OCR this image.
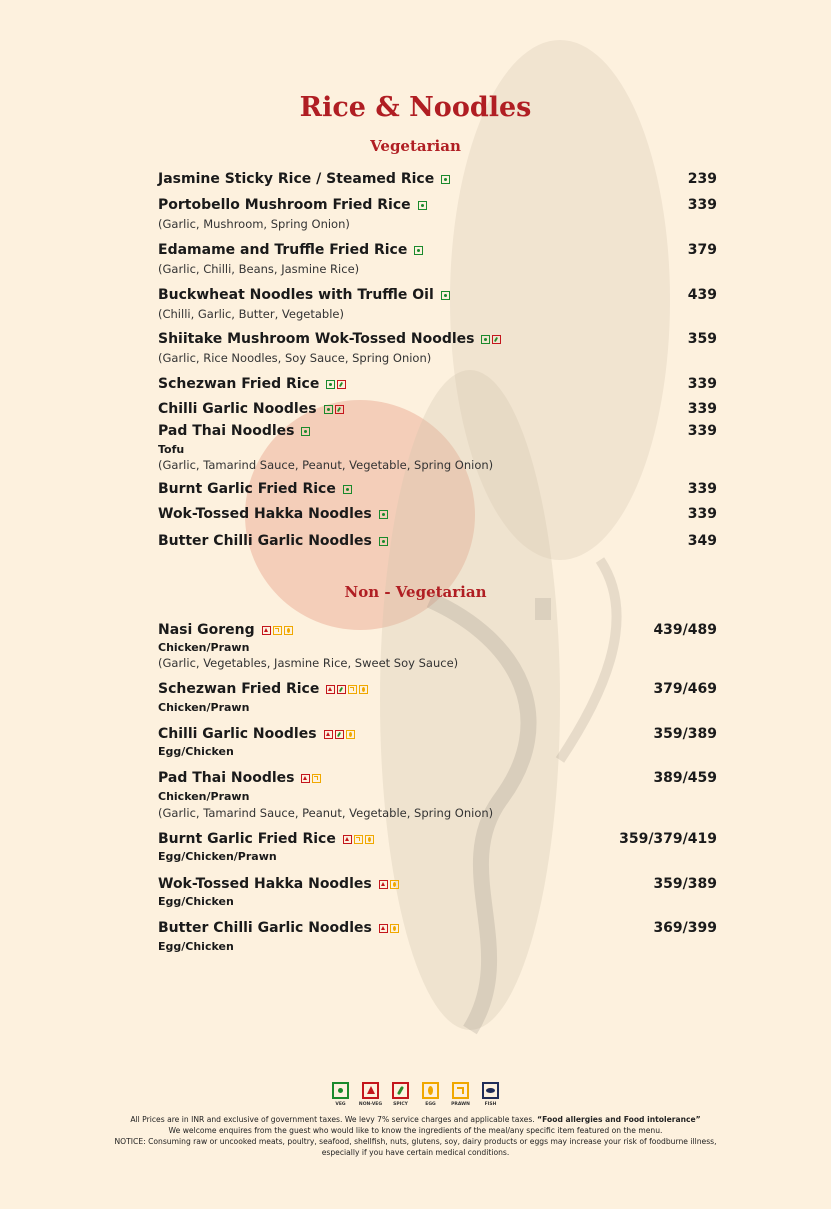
Rice & Noodles
Vegetarian
Jasmine Sticky Rice / Steamed Rice	239
Portobello Mushroom Fried Rice	339
(Garlic, Mushroom, Spring Onion)
Edamame and Truffle Fried Rice	379
(Garlic, Chilli, Beans, Jasmine Rice)
Buckwheat Noodles with Truffle Oil	439
(Chilli, Garlic, Butter, Vegetable)
Shiitake Mushroom Wok-Tossed Noodles	359
(Garlic, Rice Noodles, Soy Sauce, Spring Onion)
Schezwan Fried Rice	339
Chilli Garlic Noodles	339
Pad Thai Noodles	339
Tofu
(Garlic, Tamarind Sauce, Peanut, Vegetable, Spring Onion)
Burnt Garlic Fried Rice	339
Wok-Tossed Hakka Noodles	339
Butter Chilli Garlic Noodles	349
Non - Vegetarian
Nasi Goreng	439/489
Chicken/Prawn
(Garlic, Vegetables, Jasmine Rice, Sweet Soy Sauce)
Schezwan Fried Rice	379/469
Chicken/Prawn
Chilli Garlic Noodles	359/389
Egg/Chicken
Pad Thai Noodles	389/459
Chicken/Prawn
(Garlic, Tamarind Sauce, Peanut, Vegetable, Spring Onion)
Burnt Garlic Fried Rice	359/379/419
Egg/Chicken/Prawn
Wok-Tossed Hakka Noodles	359/389
Egg/Chicken
Butter Chilli Garlic Noodles	369/399
Egg/Chicken
VEG	NON-VEG SPICY	EGG	PRAWN	FISH
All Prices are in INR and exclusive of government taxes. We levy 7% service charges and applicable taxes. “Food allergies and Food intolerance”
We welcome enquires from the guest who would like to know the ingredients of the meal/any specific item featured on the menu.
NOTICE: Consuming raw or uncooked meats, poultry, seafood, shellfish, nuts, glutens, soy, dairy products or eggs may increase your risk of foodburne illness,
especially if you have certain medical conditions.
